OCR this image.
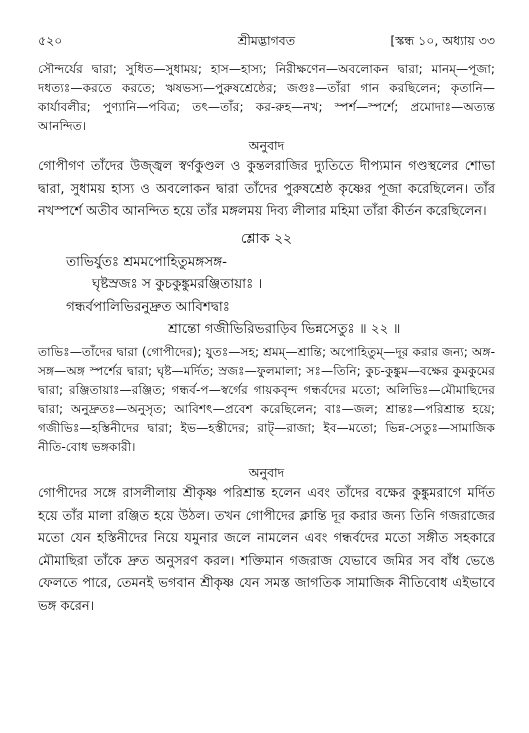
৫২০	শ্রীমদ্ভাগবত	[স্কন্ধ ১০, অধ্যায় ৩৩

সৌন্দর্যের দ্বারা; সুধিত—সুধাময়; হাস—হাস্য; নিরীক্ষণেন—অবলোকন দ্বারা; মানম্—পূজা; দধত্যঃ—করতে করতে; ঋষভস্য—পুরুষশ্রেষ্ঠের; জগুঃ—তাঁরা গান করছিলেন; কৃতানি—কার্যাবলীর; পুণ্যানি—পবিত্র; তৎ—তাঁর; কর-রুহ—নখ; স্পর্শ—স্পর্শে; প্রমোদাঃ—অত্যন্ত আনন্দিত।

অনুবাদ

গোপীগণ তাঁদের উজ্জ্বল স্বর্ণকুণ্ডল ও কুন্তলরাজির দ্যুতিতে দীপ্যমান গণ্ডস্থলের শোভা দ্বারা, সুধাময় হাস্য ও অবলোকন দ্বারা তাঁদের পুরুষশ্রেষ্ঠ কৃষ্ণের পূজা করেছিলেন। তাঁর নখস্পর্শে অতীব আনন্দিত হয়ে তাঁর মঙ্গলময় দিব্য লীলার মহিমা তাঁরা কীর্তন করেছিলেন।

শ্লোক ২২
তাভির্যুতঃ শ্রমমপোহিতুমঙ্গসঙ্গ-
ঘৃষ্টস্রজঃ স কুচকুঙ্কুমরঞ্জিতায়াঃ ।
গন্ধর্বপালিভিরনুদ্রুত আবিশদ্বাঃ
শ্রান্তো গজীভিরিভরাড়িব ভিন্নসেতুঃ ॥ ২২ ॥

তাভিঃ—তাঁদের দ্বারা (গোপীদের); যুতঃ—সহ; শ্রমম্—শ্রান্তি; অপোহিতুম্—দূর করার জন্য; অঙ্গ-সঙ্গ—অঙ্গ স্পর্শের দ্বারা; ঘৃষ্ট—মর্দিত; স্রজঃ—ফুলমালা; সঃ—তিনি; কুচ-কুঙ্কুম—বক্ষের কুমকুমের দ্বারা; রঞ্জিতায়াঃ—রঞ্জিত; গন্ধর্ব-প—স্বর্গের গায়কবৃন্দ গন্ধর্বদের মতো; অলিভিঃ—মৌমাছিদের দ্বারা; অনুদ্রুতঃ—অনুসৃত; আবিশৎ—প্রবেশ করেছিলেন; বাঃ—জল; শ্রান্তঃ—পরিশ্রান্ত হয়ে; গজীভিঃ—হস্তিনীদের দ্বারা; ইভ—হস্তীদের; রাট্—রাজা; ইব—মতো; ভিন্ন-সেতুঃ—সামাজিক নীতি-বোধ ভঙ্গকারী।

অনুবাদ

গোপীদের সঙ্গে রাসলীলায় শ্রীকৃষ্ণ পরিশ্রান্ত হলেন এবং তাঁদের বক্ষের কুঙ্কুমরাগে মর্দিত হয়ে তাঁর মালা রঞ্জিত হয়ে উঠল। তখন গোপীদের ক্লান্তি দূর করার জন্য তিনি গজরাজের মতো যেন হস্তিনীদের নিয়ে যমুনার জলে নামলেন এবং গন্ধর্বদের মতো সঙ্গীত সহকারে মৌমাছিরা তাঁকে দ্রুত অনুসরণ করল। শক্তিমান গজরাজ যেভাবে জমির সব বাঁধ ভেঙে ফেলতে পারে, তেমনই ভগবান শ্রীকৃষ্ণ যেন সমস্ত জাগতিক সামাজিক নীতিবোধ এইভাবে ভঙ্গ করেন।
